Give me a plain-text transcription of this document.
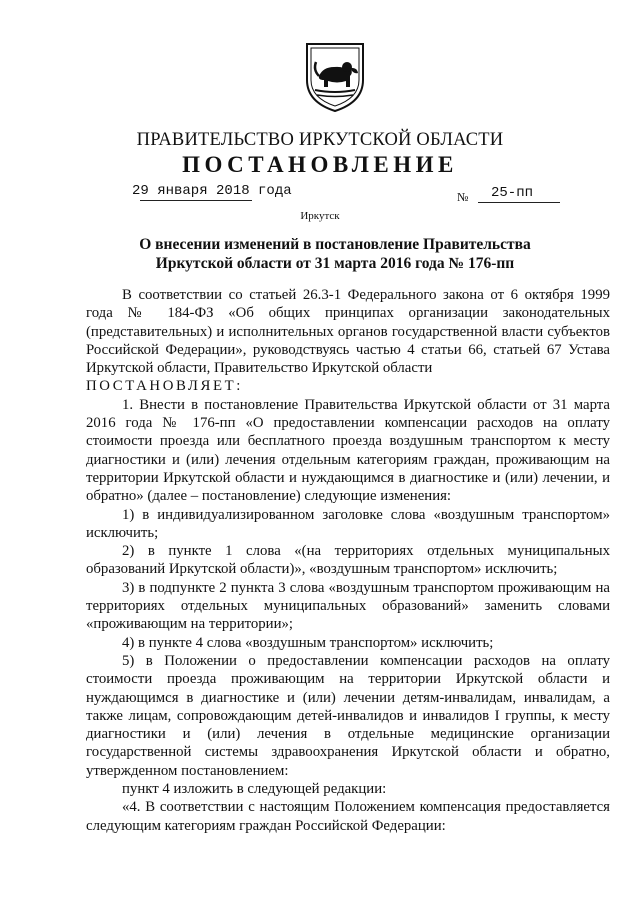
ПРАВИТЕЛЬСТВО ИРКУТСКОЙ ОБЛАСТИ
ПОСТАНОВЛЕНИЕ
29 января 2018 года	№ 25-пп
Иркутск
О внесении изменений в постановление Правительства
Иркутской области от 31 марта 2016 года № 176-пп

В соответствии со статьей 26.3-1 Федерального закона от 6 октября 1999 года № 184-ФЗ «Об общих принципах организации законодательных (представительных) и исполнительных органов государственной власти субъектов Российской Федерации», руководствуясь частью 4 статьи 66, статьей 67 Устава Иркутской области, Правительство Иркутской области

ПОСТАНОВЛЯЕТ:

1. Внести в постановление Правительства Иркутской области от 31 марта 2016 года № 176-пп «О предоставлении компенсации расходов на оплату стоимости проезда или бесплатного проезда воздушным транспортом к месту диагностики и (или) лечения отдельным категориям граждан, проживающим на территории Иркутской области и нуждающимся в диагностике и (или) лечении, и обратно» (далее – постановление) следующие изменения:

1) в индивидуализированном заголовке слова «воздушным транспортом» исключить;

2) в пункте 1 слова «(на территориях отдельных муниципальных образований Иркутской области)», «воздушным транспортом» исключить;

3) в подпункте 2 пункта 3 слова «воздушным транспортом проживающим на территориях отдельных муниципальных образований» заменить словами «проживающим на территории»;

4) в пункте 4 слова «воздушным транспортом» исключить;

5) в Положении о предоставлении компенсации расходов на оплату стоимости проезда проживающим на территории Иркутской области и нуждающимся в диагностике и (или) лечении детям-инвалидам, инвалидам, а также лицам, сопровождающим детей-инвалидов и инвалидов I группы, к месту диагностики и (или) лечения в отдельные медицинские организации государственной системы здравоохранения Иркутской области и обратно, утвержденном постановлением:

пункт 4 изложить в следующей редакции:

«4. В соответствии с настоящим Положением компенсация предоставляется следующим категориям граждан Российской Федерации:
